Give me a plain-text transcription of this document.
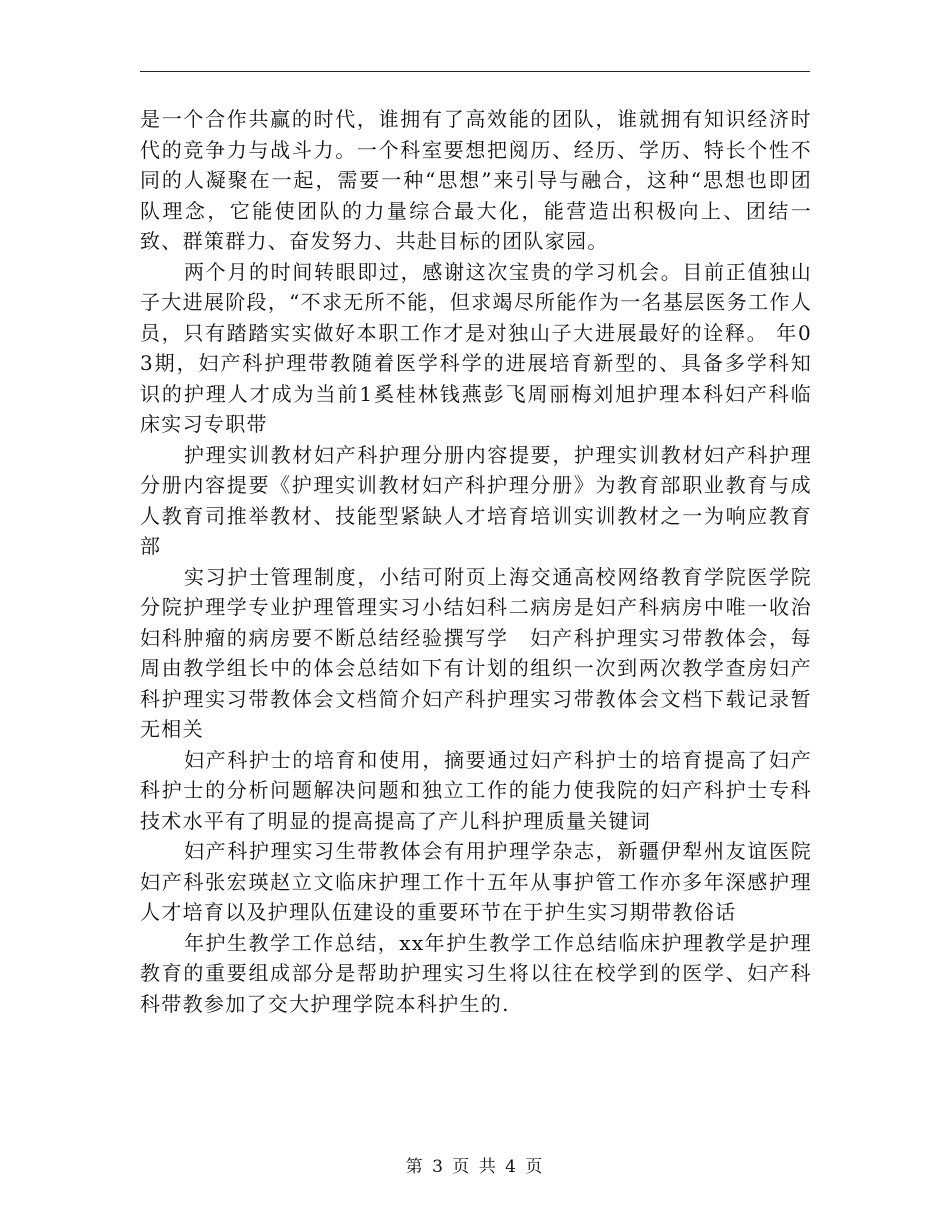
是一个合作共赢的时代，谁拥有了高效能的团队，谁就拥有知识经济时代的竞争力与战斗力。一个科室要想把阅历、经历、学历、特长个性不同的人凝聚在一起，需要一种“思想”来引导与融合，这种“思想也即团队理念，它能使团队的力量综合最大化，能营造出积极向上、团结一致、群策群力、奋发努力、共赴目标的团队家园。

两个月的时间转眼即过，感谢这次宝贵的学习机会。目前正值独山子大进展阶段，“不求无所不能，但求竭尽所能作为一名基层医务工作人员，只有踏踏实实做好本职工作才是对独山子大进展最好的诠释。 年03期，妇产科护理带教随着医学科学的进展培育新型的、具备多学科知识的护理人才成为当前1奚桂林钱燕彭飞周丽梅刘旭护理本科妇产科临床实习专职带

护理实训教材妇产科护理分册内容提要，护理实训教材妇产科护理分册内容提要《护理实训教材妇产科护理分册》为教育部职业教育与成人教育司推举教材、技能型紧缺人才培育培训实训教材之一为响应教育部

实习护士管理制度，小结可附页上海交通高校网络教育学院医学院分院护理学专业护理管理实习小结妇科二病房是妇产科病房中唯一收治妇科肿瘤的病房要不断总结经验撰写学　妇产科护理实习带教体会，每周由教学组长中的体会总结如下有计划的组织一次到两次教学查房妇产科护理实习带教体会文档简介妇产科护理实习带教体会文档下载记录暂无相关

妇产科护士的培育和使用，摘要通过妇产科护士的培育提高了妇产科护士的分析问题解决问题和独立工作的能力使我院的妇产科护士专科技术水平有了明显的提高提高了产儿科护理质量关键词

妇产科护理实习生带教体会有用护理学杂志，新疆伊犁州友谊医院妇产科张宏瑛赵立文临床护理工作十五年从事护管工作亦多年深感护理人才培育以及护理队伍建设的重要环节在于护生实习期带教俗话

年护生教学工作总结，xx年护生教学工作总结临床护理教学是护理教育的重要组成部分是帮助护理实习生将以往在校学到的医学、妇产科科带教参加了交大护理学院本科护生的.

第 3 页 共 4 页
